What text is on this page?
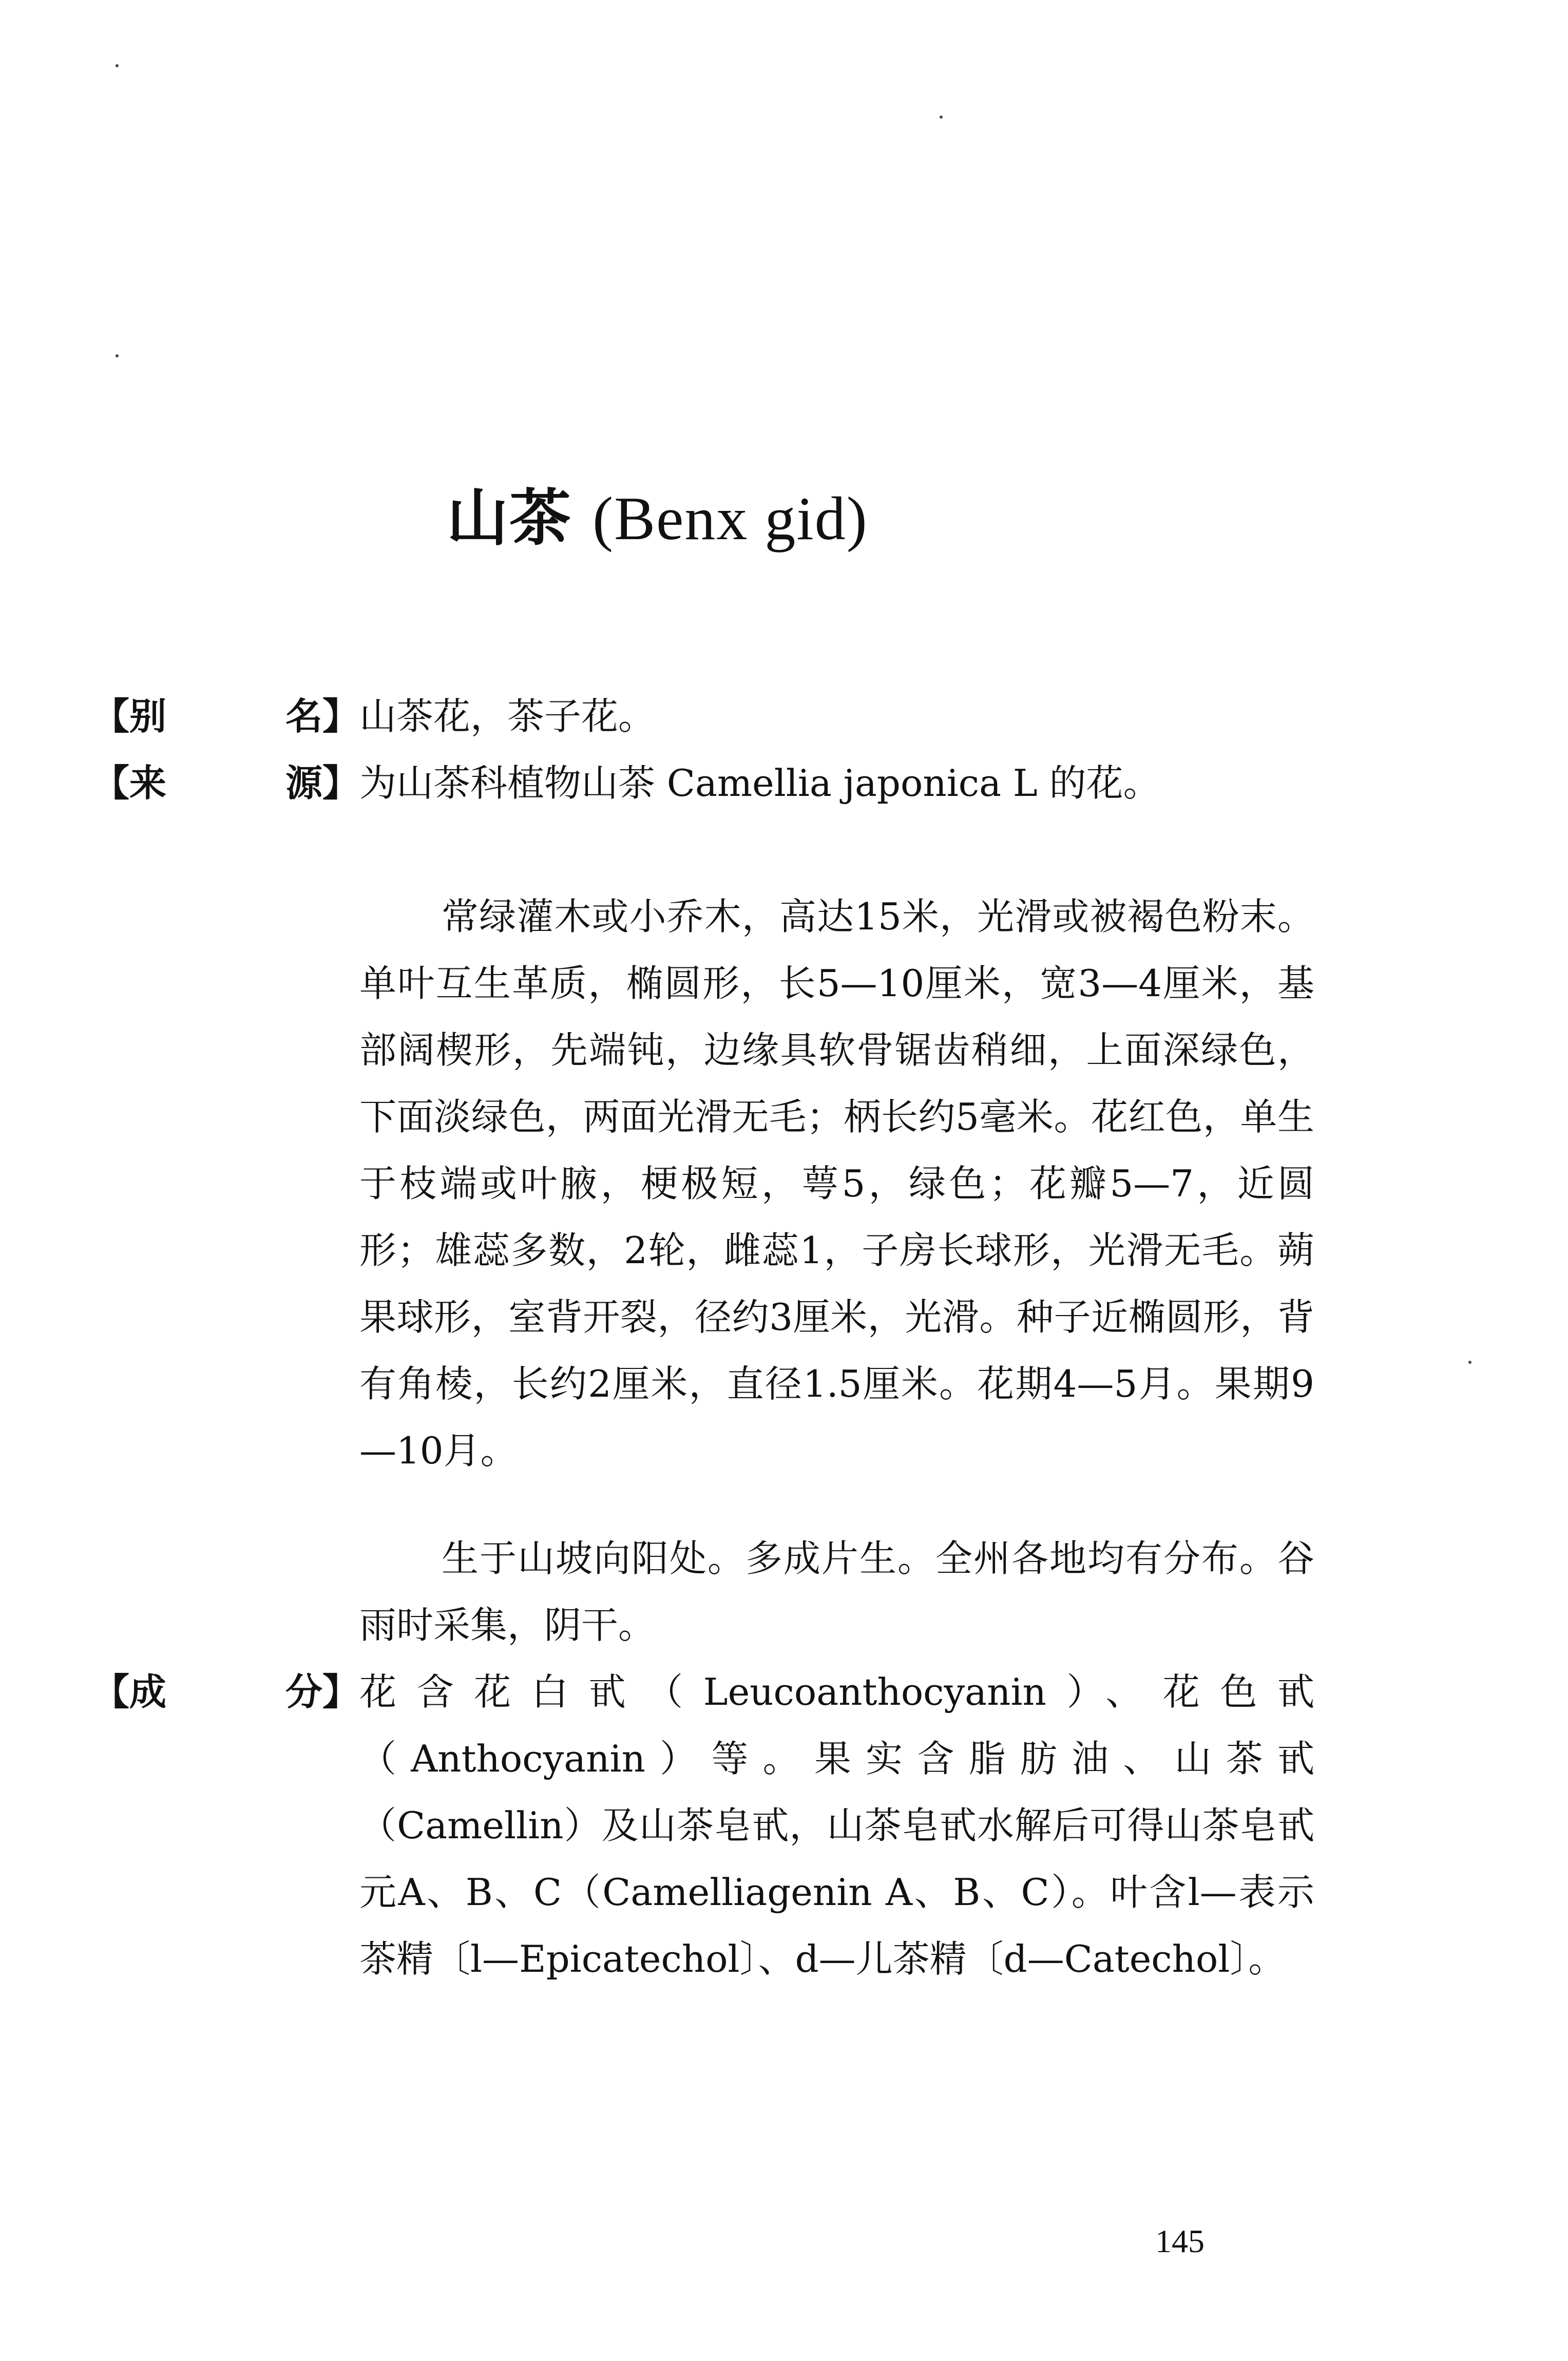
山茶 (Benx gid)
【别	名】 山茶花，茶子花。

【来	源】 为山茶科植物山茶 Camellia japonica L 的花。

常绿灌木或小乔木，高达15米，光滑或被褐色粉末。单叶互生革质，椭圆形，长5—10厘米，宽3—4厘米，基部阔楔形，先端钝，边缘具软骨锯齿稍细，上面深绿色，下面淡绿色，两面光滑无毛；柄长约5毫米。花红色，单生于枝端或叶腋，梗极短，萼5，绿色；花瓣5—7，近圆形；雄蕊多数，2轮，雌蕊1，子房长球形，光滑无毛。蒴果球形，室背开裂，径约3厘米，光滑。种子近椭圆形，背有角棱，长约2厘米，直径1.5厘米。花期4—5月。果期9—10月。

生于山坡向阳处。多成片生。全州各地均有分布。谷雨时采集，阴干。

【成	分】 花含花白甙（Leucoanthocyanin）、花色甙（Anthocyanin）等。果实含脂肪油、山茶甙（Camellin）及山茶皂甙，山茶皂甙水解后可得山茶皂甙元A、B、C（Camelliagenin A、B、C）。叶含l—表示茶精〔l—Epicatechol〕、d—儿茶精〔d—Catechol〕。

145
